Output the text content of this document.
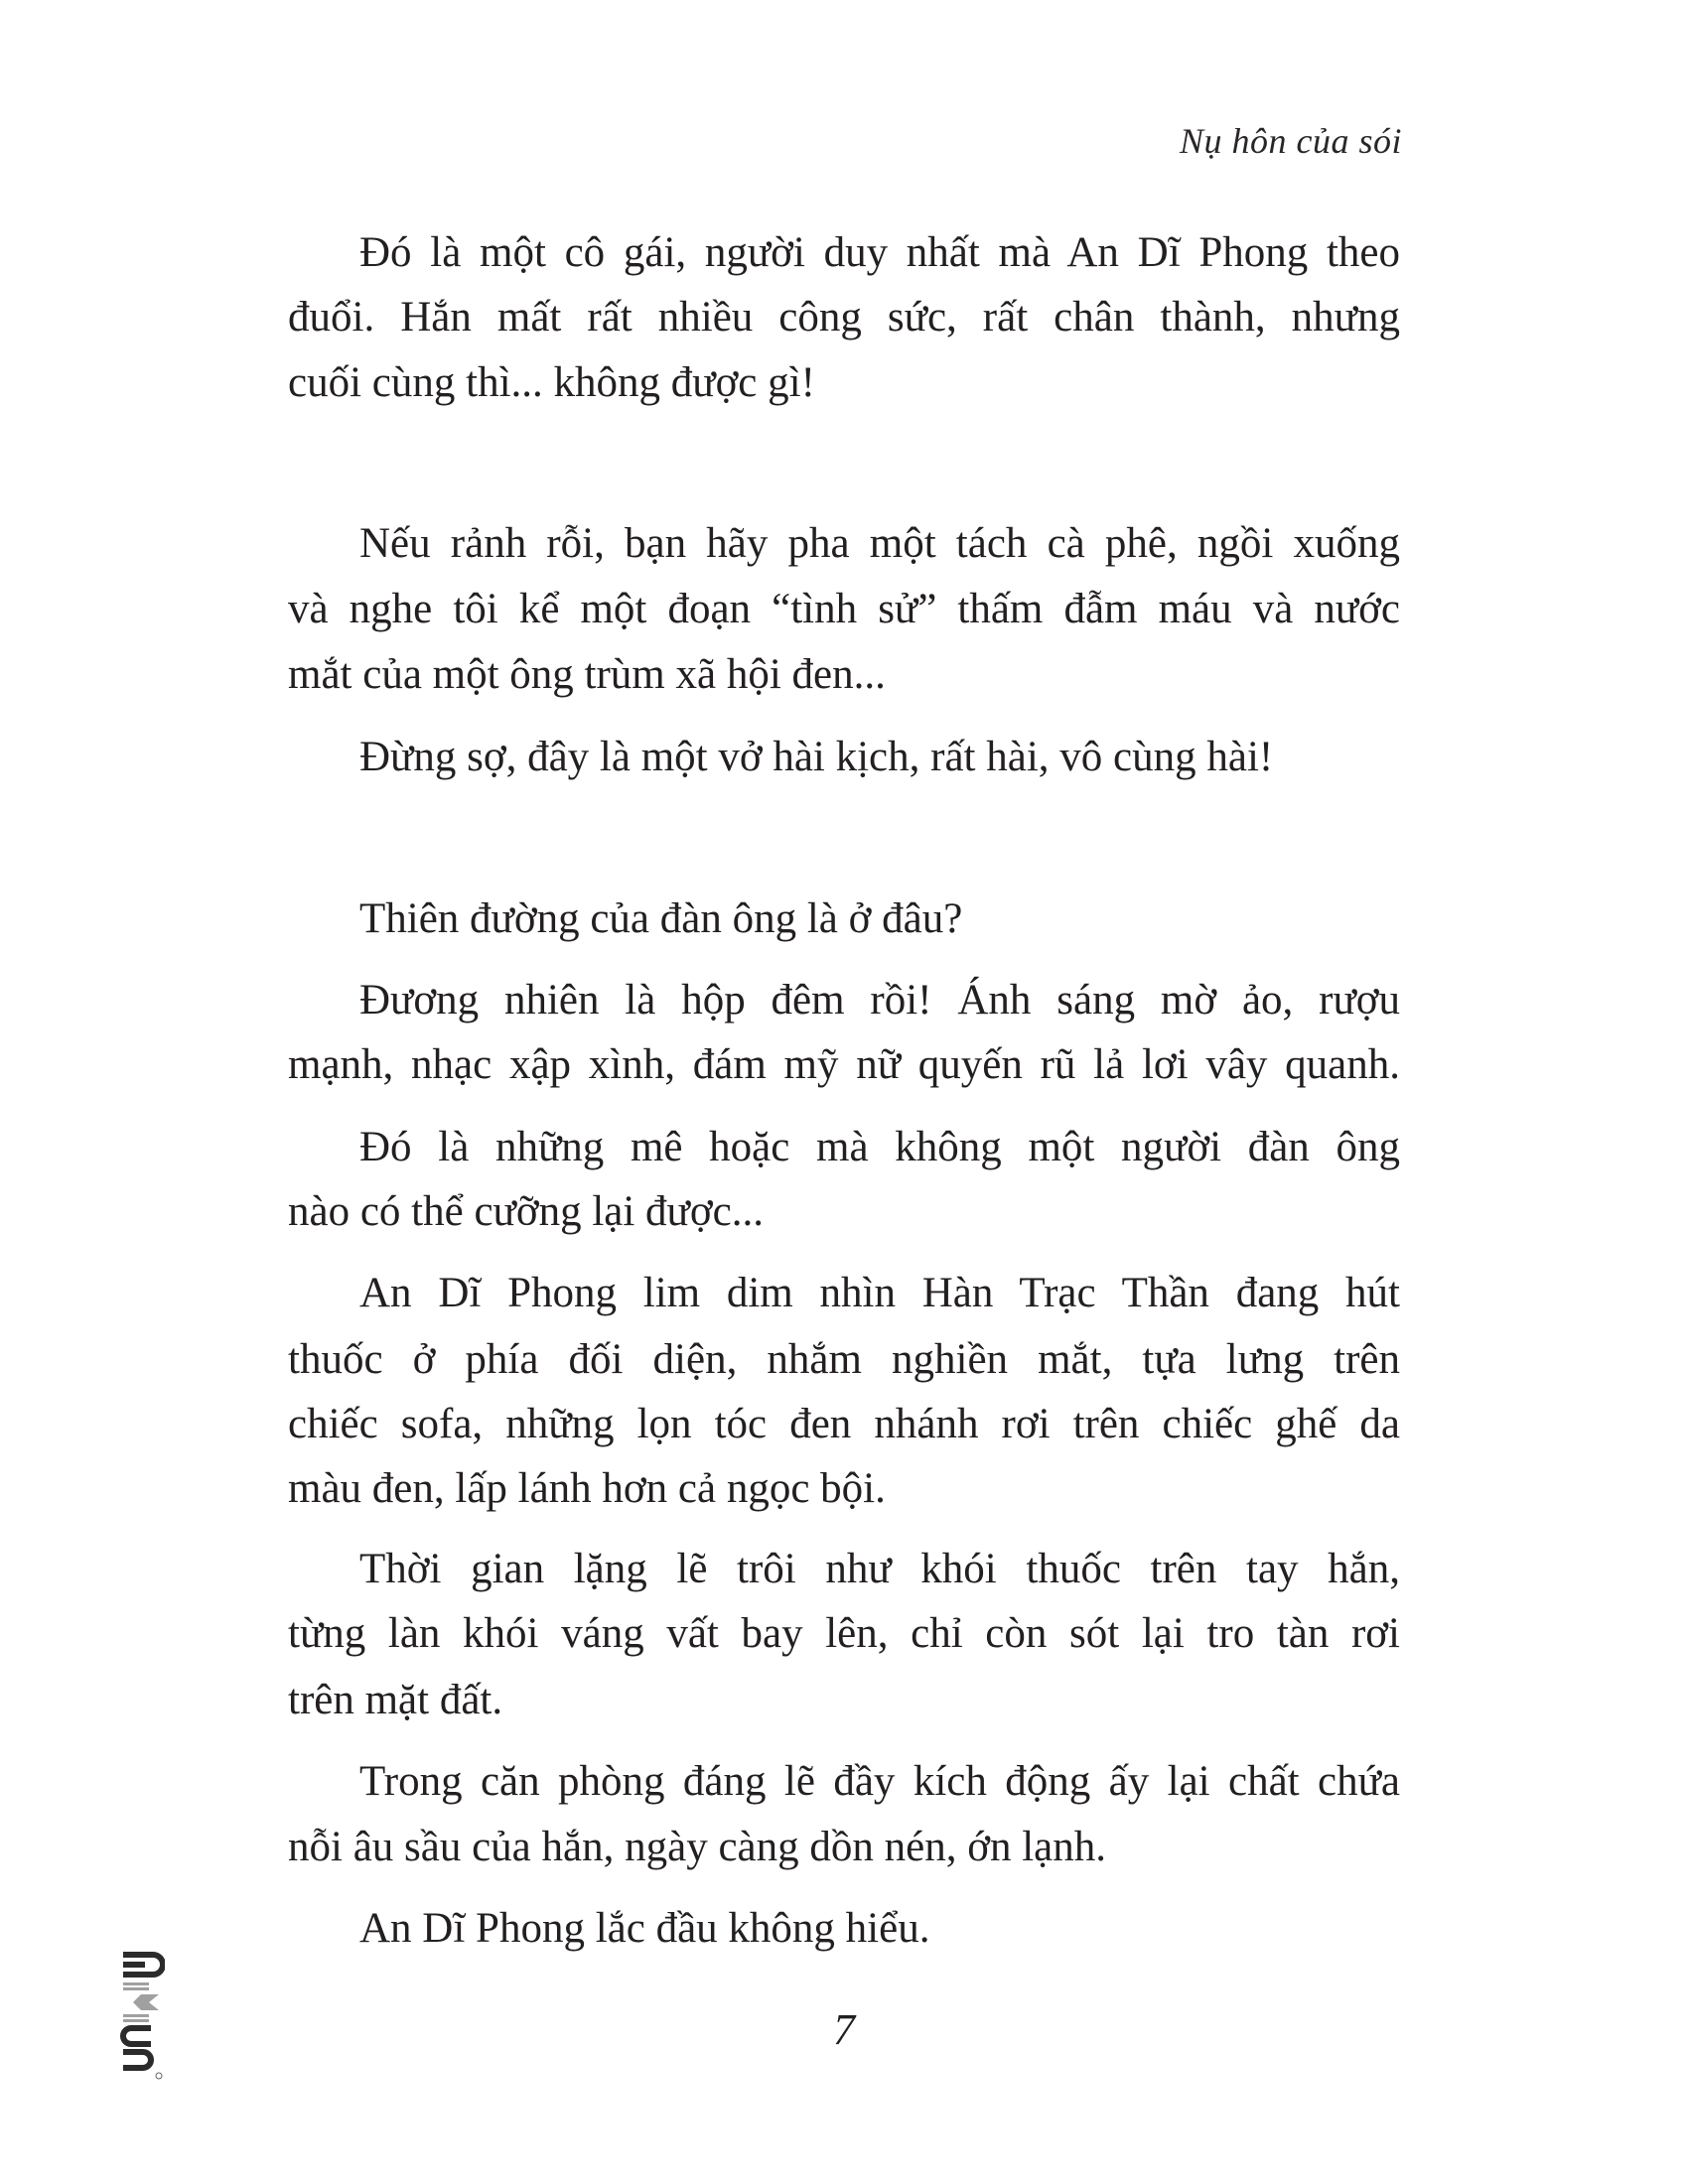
Nụ hôn của sói
Đó là một cô gái, người duy nhất mà An Dĩ Phong theo
đuổi. Hắn mất rất nhiều công sức, rất chân thành, nhưng
cuối cùng thì... không được gì!
Nếu rảnh rỗi, bạn hãy pha một tách cà phê, ngồi xuống
và nghe tôi kể một đoạn “tình sử” thấm đẫm máu và nước
mắt của một ông trùm xã hội đen...
Đừng sợ, đây là một vở hài kịch, rất hài, vô cùng hài!
Thiên đường của đàn ông là ở đâu?
Đương nhiên là hộp đêm rồi! Ánh sáng mờ ảo, rượu
mạnh, nhạc xập xình, đám mỹ nữ quyến rũ lả lơi vây quanh.
Đó là những mê hoặc mà không một người đàn ông
nào có thể cưỡng lại được...
An Dĩ Phong lim dim nhìn Hàn Trạc Thần đang hút
thuốc ở phía đối diện, nhắm nghiền mắt, tựa lưng trên
chiếc sofa, những lọn tóc đen nhánh rơi trên chiếc ghế da
màu đen, lấp lánh hơn cả ngọc bội.
Thời gian lặng lẽ trôi như khói thuốc trên tay hắn,
từng làn khói váng vất bay lên, chỉ còn sót lại tro tàn rơi
trên mặt đất.
Trong căn phòng đáng lẽ đầy kích động ấy lại chất chứa
nỗi âu sầu của hắn, ngày càng dồn nén, ớn lạnh.
An Dĩ Phong lắc đầu không hiểu.
7
